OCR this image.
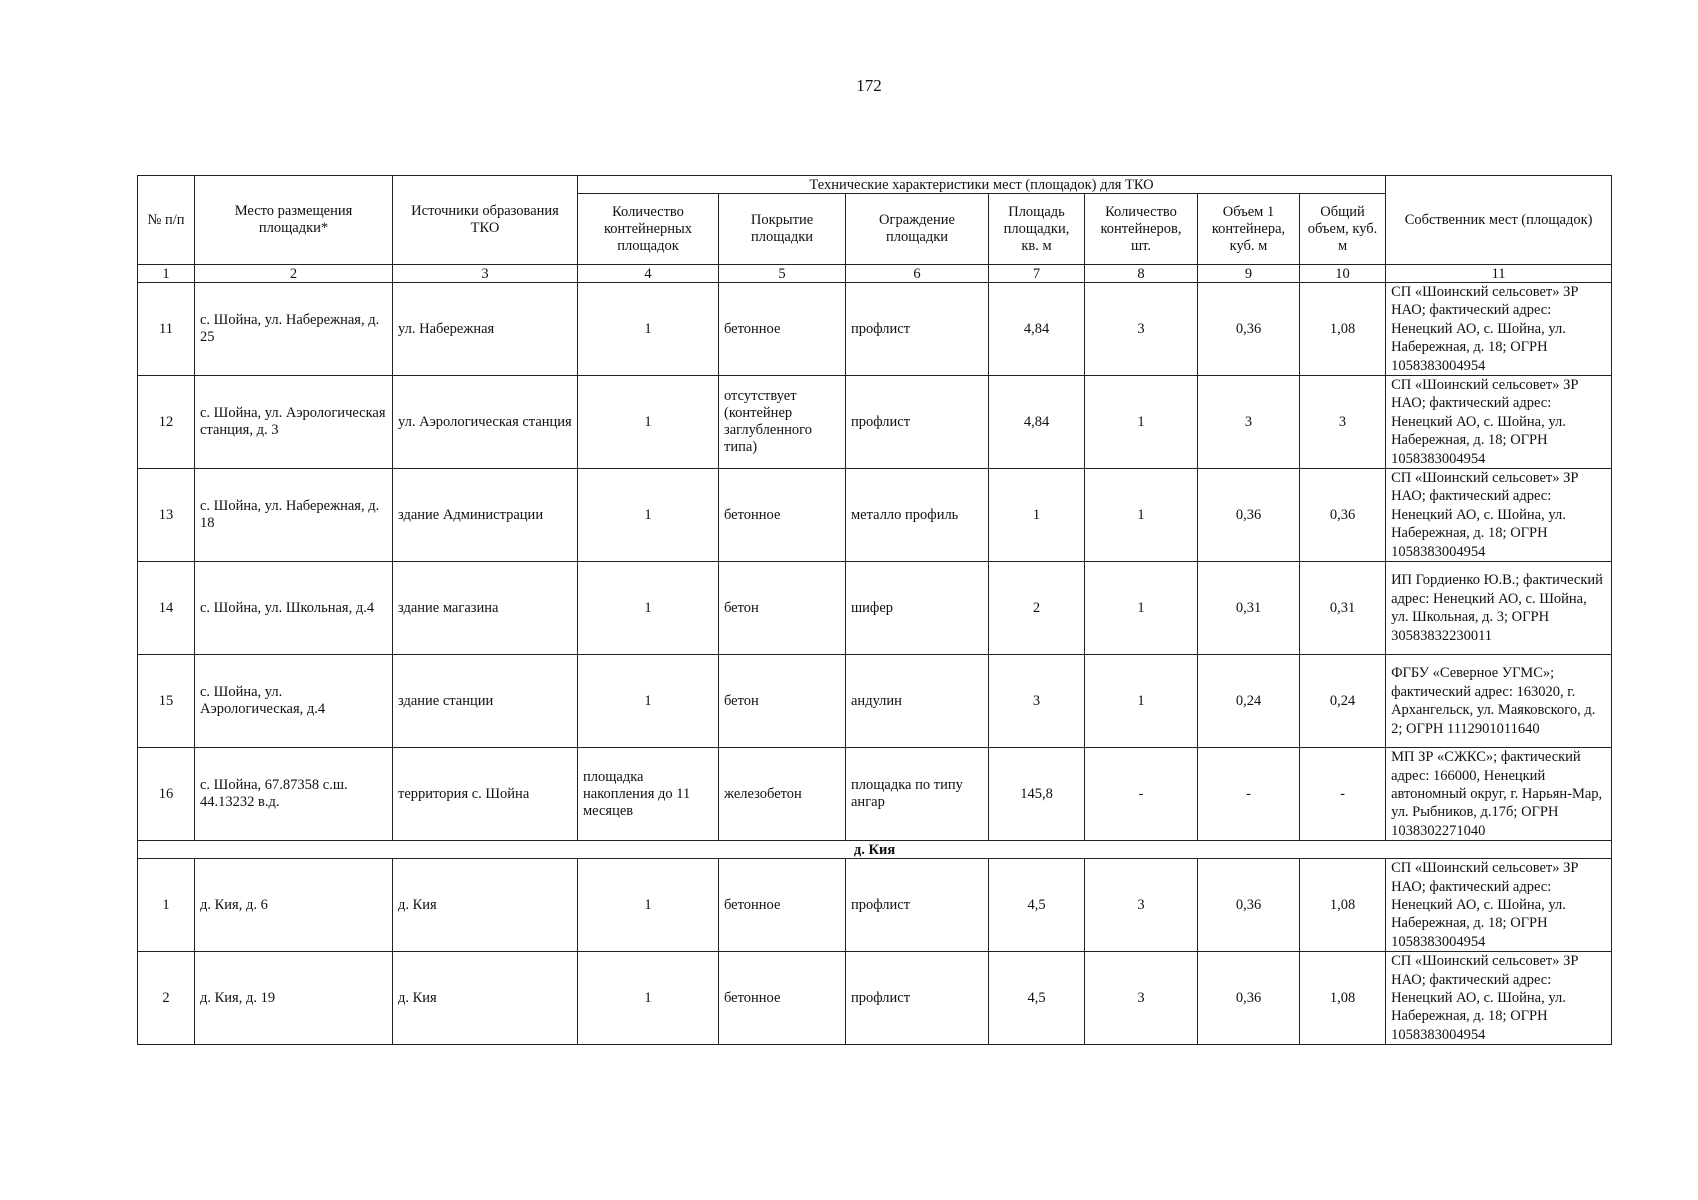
172
№ п/п	Место размещения площадки*	Источники образования ТКО	Технические характеристики мест (площадок) для ТКО							Собственник мест (площадок)
			Количество контейнерных площадок	Покрытие площадки	Ограждение площадки	Площадь площадки, кв. м	Количество контейнеров, шт.	Объем 1 контейнера, куб. м	Общий объем, куб. м	
1	2	3	4	5	6	7	8	9	10	11
11	с. Шойна, ул. Набережная, д. 25	ул. Набережная	1	бетонное	профлист	4,84	3	0,36	1,08	СП «Шоинский сельсовет» ЗР НАО; фактический адрес: Ненецкий АО, с. Шойна, ул. Набережная, д. 18; ОГРН 1058383004954
12	с. Шойна, ул. Аэрологическая станция, д. 3	ул. Аэрологическая станция	1	отсутствует (контейнер заглубленного типа)	профлист	4,84	1	3	3	СП «Шоинский сельсовет» ЗР НАО; фактический адрес: Ненецкий АО, с. Шойна, ул. Набережная, д. 18; ОГРН 1058383004954
13	с. Шойна, ул. Набережная, д. 18	здание Администрации	1	бетонное	металло профиль	1	1	0,36	0,36	СП «Шоинский сельсовет» ЗР НАО; фактический адрес: Ненецкий АО, с. Шойна, ул. Набережная, д. 18; ОГРН 1058383004954
14	с. Шойна, ул. Школьная, д.4	здание магазина	1	бетон	шифер	2	1	0,31	0,31	ИП Гордиенко Ю.В.; фактический адрес: Ненецкий АО, с. Шойна, ул. Школьная, д. 3; ОГРН 30583832230011
15	с. Шойна, ул. Аэрологическая, д.4	здание станции	1	бетон	андулин	3	1	0,24	0,24	ФГБУ «Северное УГМС»; фактический адрес: 163020, г. Архангельск, ул. Маяковского, д. 2; ОГРН 1112901011640
16	с. Шойна, 67.87358 с.ш. 44.13232 в.д.	территория с. Шойна	площадка накопления до 11 месяцев	железобетон	площадка по типу ангар	145,8	-	-	-	МП ЗР «СЖКС»; фактический адрес: 166000, Ненецкий автономный округ, г. Нарьян-Мар, ул. Рыбников, д.17б; ОГРН 1038302271040
д. Кия										
1	д. Кия, д. 6	д. Кия	1	бетонное	профлист	4,5	3	0,36	1,08	СП «Шоинский сельсовет» ЗР НАО; фактический адрес: Ненецкий АО, с. Шойна, ул. Набережная, д. 18; ОГРН 1058383004954
2	д. Кия, д. 19	д. Кия	1	бетонное	профлист	4,5	3	0,36	1,08	СП «Шоинский сельсовет» ЗР НАО; фактический адрес: Ненецкий АО, с. Шойна, ул. Набережная, д. 18; ОГРН 1058383004954
